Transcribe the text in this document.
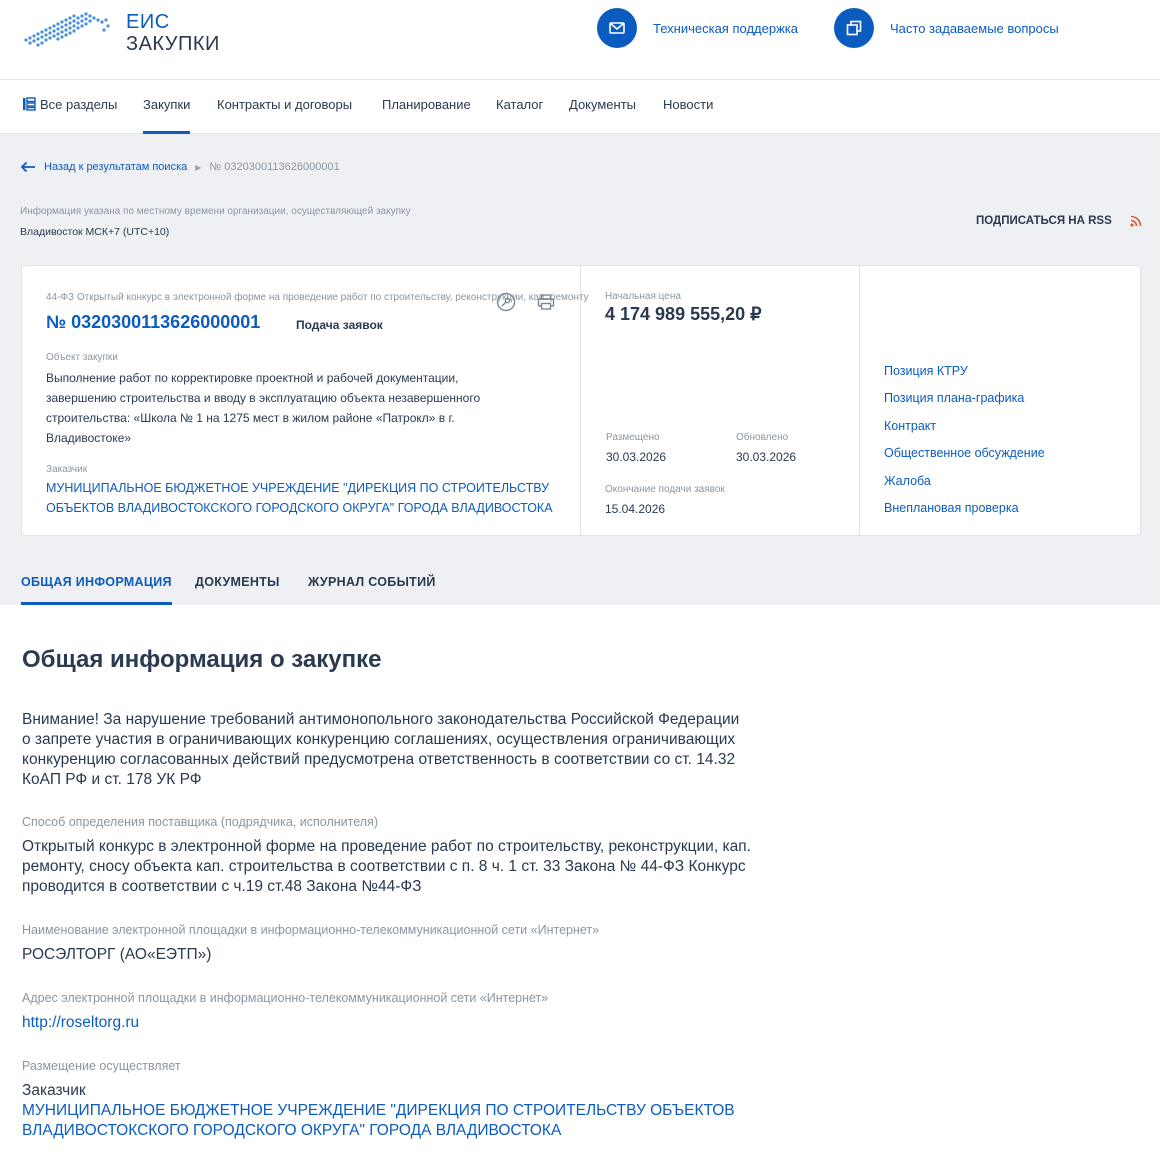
ЕИС
ЗАКУПКИ
Техническая поддержка	Часто задаваемые вопросы
Все разделы Закупки Контракты и договоры Планирование Каталог Документы Новости
Назад к результатам поиска ▶ № 0320300113626000001
Информация указана по местному времени организации, осуществляющей закупку
Владивосток МСК+7 (UTC+10)
ПОДПИСАТЬСЯ НА RSS
44-ФЗ Открытый конкурс в электронной форме на проведение работ по строительству, реконструкции, кап. ремонту
№ 0320300113626000001	Подача заявок
Объект закупки
Выполнение работ по корректировке проектной и рабочей документации, завершению строительства и вводу в эксплуатацию объекта незавершенного строительства: «Школа № 1 на 1275 мест в жилом районе «Патрокл» в г. Владивостоке»
Заказчик
МУНИЦИПАЛЬНОЕ БЮДЖЕТНОЕ УЧРЕЖДЕНИЕ "ДИРЕКЦИЯ ПО СТРОИТЕЛЬСТВУ ОБЪЕКТОВ ВЛАДИВОСТОКСКОГО ГОРОДСКОГО ОКРУГА" ГОРОДА ВЛАДИВОСТОКА
Начальная цена
4 174 989 555,20 ₽
Размещено
30.03.2026
Обновлено
30.03.2026
Окончание подачи заявок
15.04.2026
Позиция КТРУ
Позиция плана-графика
Контракт
Общественное обсуждение
Жалоба
Внеплановая проверка
ОБЩАЯ ИНФОРМАЦИЯ ДОКУМЕНТЫ ЖУРНАЛ СОБЫТИЙ
Общая информация о закупке
Внимание! За нарушение требований антимонопольного законодательства Российской Федерации о запрете участия в ограничивающих конкуренцию соглашениях, осуществления ограничивающих конкуренцию согласованных действий предусмотрена ответственность в соответствии со ст. 14.32 КоАП РФ и ст. 178 УК РФ
Способ определения поставщика (подрядчика, исполнителя)
Открытый конкурс в электронной форме на проведение работ по строительству, реконструкции, кап. ремонту, сносу объекта кап. строительства в соответствии с п. 8 ч. 1 ст. 33 Закона № 44-ФЗ Конкурс проводится в соответствии с ч.19 ст.48 Закона №44-ФЗ
Наименование электронной площадки в информационно-телекоммуникационной сети «Интернет»
РОСЭЛТОРГ (АО«ЕЭТП»)
Адрес электронной площадки в информационно-телекоммуникационной сети «Интернет»
http://roseltorg.ru
Размещение осуществляет
Заказчик
МУНИЦИПАЛЬНОЕ БЮДЖЕТНОЕ УЧРЕЖДЕНИЕ "ДИРЕКЦИЯ ПО СТРОИТЕЛЬСТВУ ОБЪЕКТОВ ВЛАДИВОСТОКСКОГО ГОРОДСКОГО ОКРУГА" ГОРОДА ВЛАДИВОСТОКА
